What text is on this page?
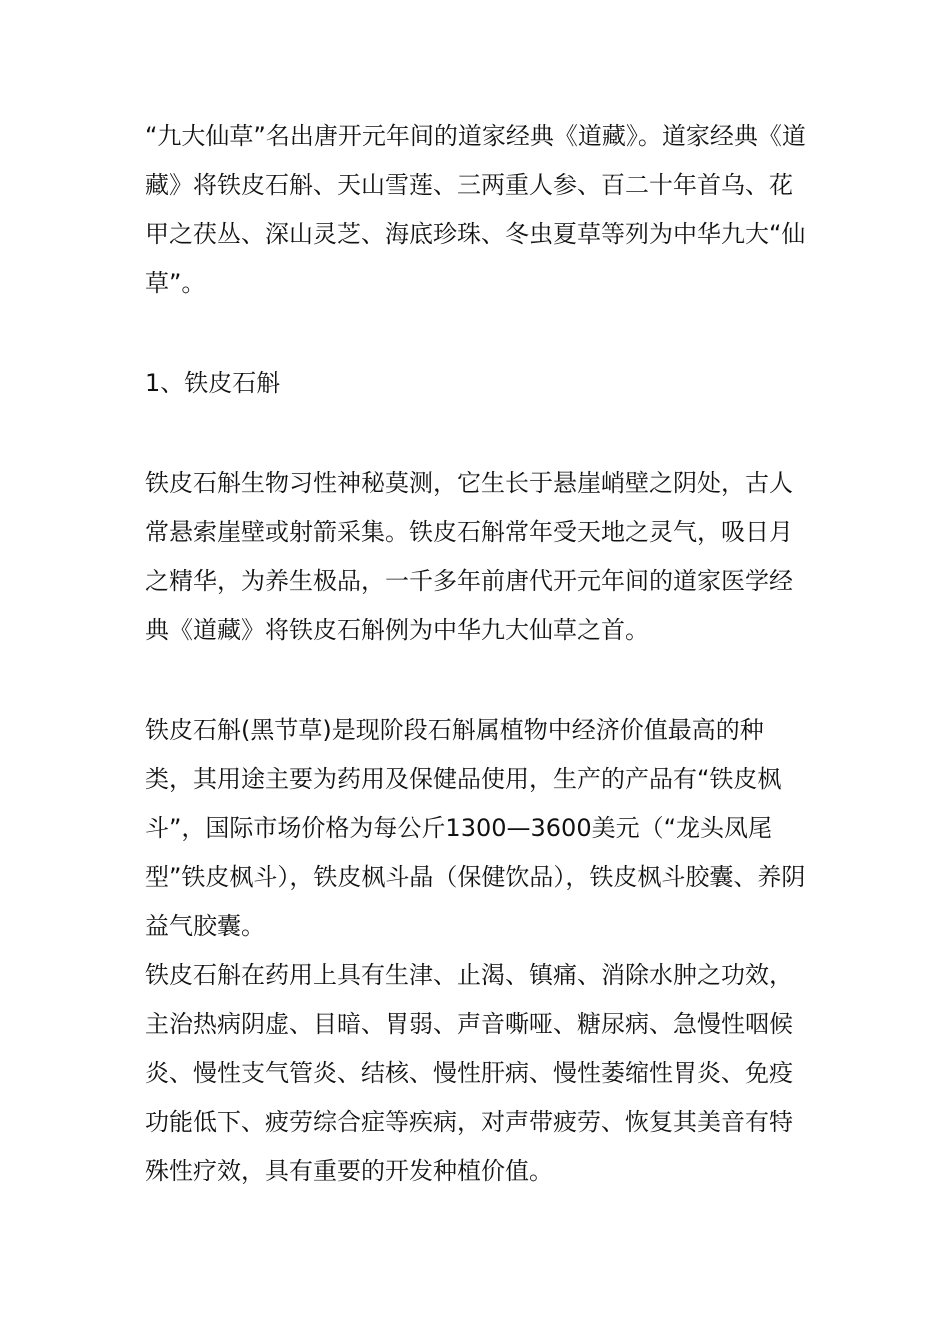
“九大仙草”名出唐开元年间的道家经典《道藏》。道家经典《道藏》将铁皮石斛、天山雪莲、三两重人参、百二十年首乌、花甲之茯丛、深山灵芝、海底珍珠、冬虫夏草等列为中华九大“仙草”。

1、铁皮石斛

铁皮石斛生物习性神秘莫测，它生长于悬崖峭壁之阴处，古人常悬索崖壁或射箭采集。铁皮石斛常年受天地之灵气，吸日月之精华，为养生极品，一千多年前唐代开元年间的道家医学经典《道藏》将铁皮石斛例为中华九大仙草之首。

铁皮石斛(黑节草)是现阶段石斛属植物中经济价值最高的种类，其用途主要为药用及保健品使用，生产的产品有“铁皮枫斗”，国际市场价格为每公斤1300—3600美元（“龙头凤尾型”铁皮枫斗），铁皮枫斗晶（保健饮品），铁皮枫斗胶囊、养阴益气胶囊。

铁皮石斛在药用上具有生津、止渴、镇痛、消除水肿之功效，主治热病阴虚、目暗、胃弱、声音嘶哑、糖尿病、急慢性咽候炎、慢性支气管炎、结核、慢性肝病、慢性萎缩性胃炎、免疫功能低下、疲劳综合症等疾病，对声带疲劳、恢复其美音有特殊性疗效，具有重要的开发种植价值。
